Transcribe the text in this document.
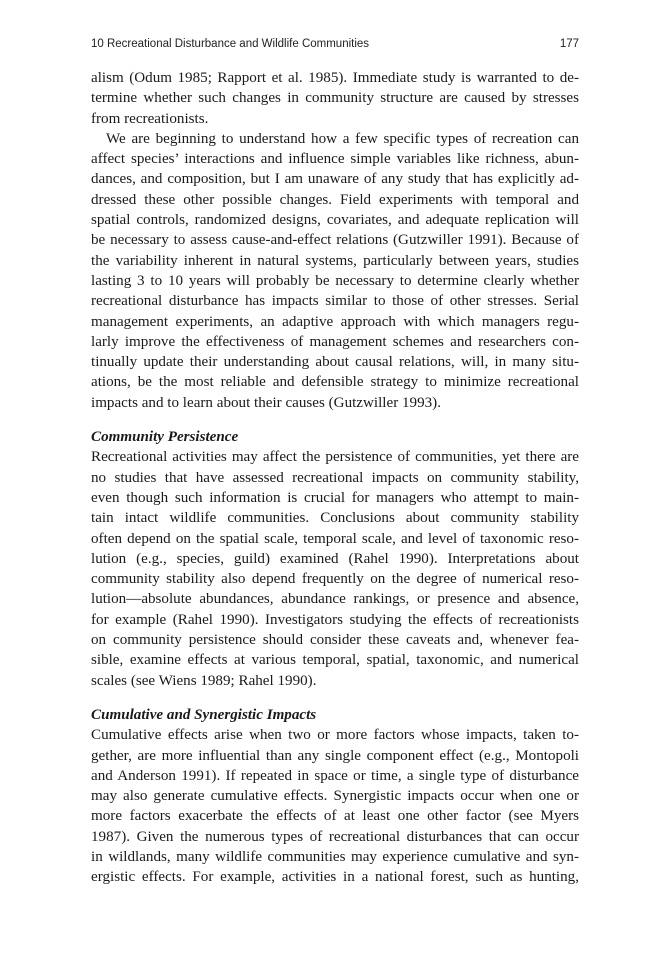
10 Recreational Disturbance and Wildlife Communities	177
alism (Odum 1985; Rapport et al. 1985). Immediate study is warranted to de-
termine whether such changes in community structure are caused by stresses
from recreationists.
We are beginning to understand how a few specific types of recreation can
affect species’ interactions and influence simple variables like richness, abun-
dances, and composition, but I am unaware of any study that has explicitly ad-
dressed these other possible changes. Field experiments with temporal and
spatial controls, randomized designs, covariates, and adequate replication will
be necessary to assess cause-and-effect relations (Gutzwiller 1991). Because of
the variability inherent in natural systems, particularly between years, studies
lasting 3 to 10 years will probably be necessary to determine clearly whether
recreational disturbance has impacts similar to those of other stresses. Serial
management experiments, an adaptive approach with which managers regu-
larly improve the effectiveness of management schemes and researchers con-
tinually update their understanding about causal relations, will, in many situ-
ations, be the most reliable and defensible strategy to minimize recreational
impacts and to learn about their causes (Gutzwiller 1993).
Community Persistence
Recreational activities may affect the persistence of communities, yet there are
no studies that have assessed recreational impacts on community stability,
even though such information is crucial for managers who attempt to main-
tain intact wildlife communities. Conclusions about community stability
often depend on the spatial scale, temporal scale, and level of taxonomic reso-
lution (e.g., species, guild) examined (Rahel 1990). Interpretations about
community stability also depend frequently on the degree of numerical reso-
lution—absolute abundances, abundance rankings, or presence and absence,
for example (Rahel 1990). Investigators studying the effects of recreationists
on community persistence should consider these caveats and, whenever fea-
sible, examine effects at various temporal, spatial, taxonomic, and numerical
scales (see Wiens 1989; Rahel 1990).
Cumulative and Synergistic Impacts
Cumulative effects arise when two or more factors whose impacts, taken to-
gether, are more influential than any single component effect (e.g., Montopoli
and Anderson 1991). If repeated in space or time, a single type of disturbance
may also generate cumulative effects. Synergistic impacts occur when one or
more factors exacerbate the effects of at least one other factor (see Myers
1987). Given the numerous types of recreational disturbances that can occur
in wildlands, many wildlife communities may experience cumulative and syn-
ergistic effects. For example, activities in a national forest, such as hunting,
